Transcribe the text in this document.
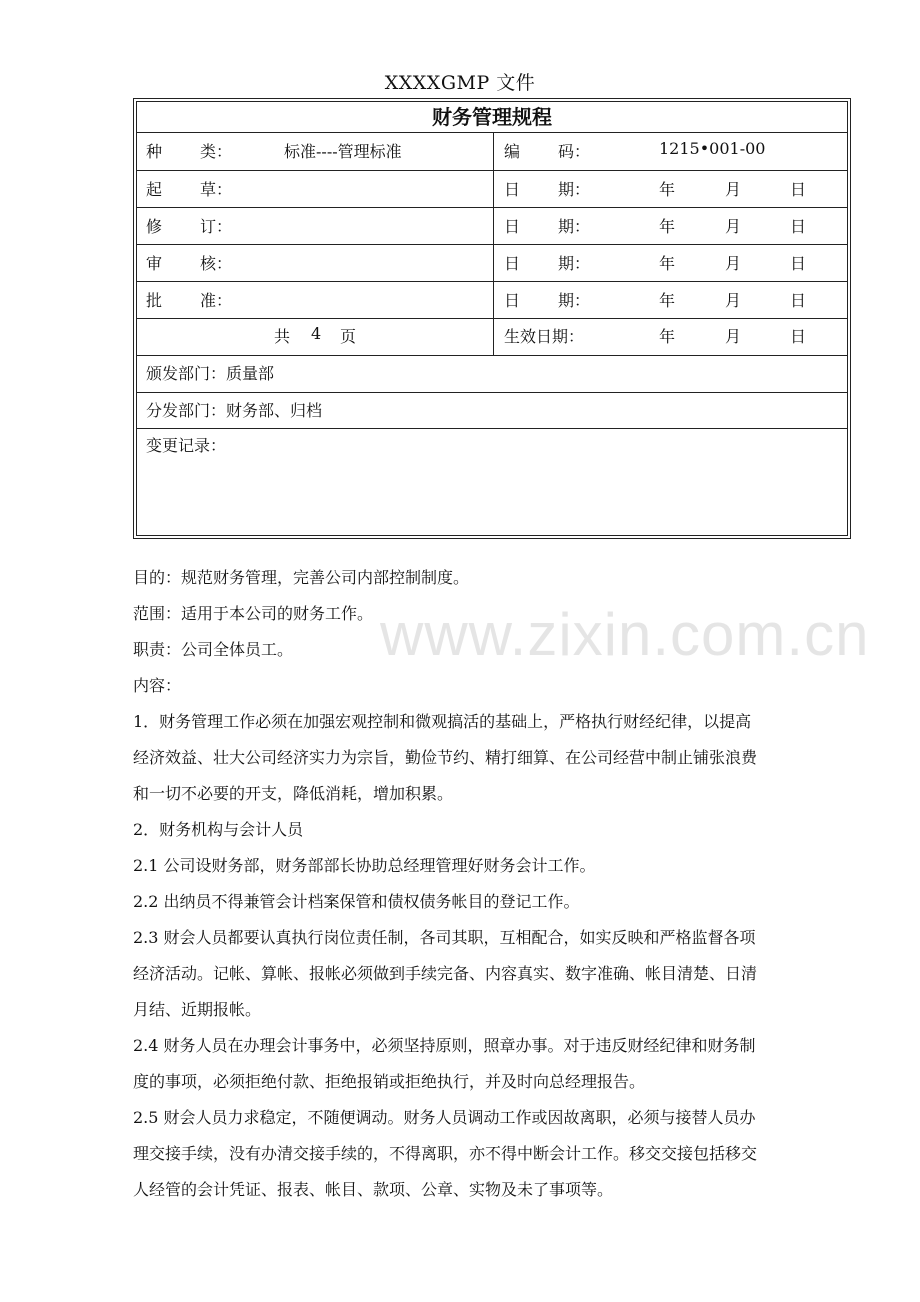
XXXXGMP 文件
财务管理规程
种 类：	标准----管理标准	编 码：	1215•001-00
起 草：	日 期：	年	月	日
修 订：	日 期：	年	月	日
审 核：	日 期：	年	月	日
批 准：	日 期：	年	月	日
共 4 页	生效日期：	年	月	日
颁发部门：质量部
分发部门：财务部、归档
变更记录：
www.zixin.com.cn

目的：规范财务管理，完善公司内部控制制度。

范围：适用于本公司的财务工作。

职责：公司全体员工。

内容：

1．财务管理工作必须在加强宏观控制和微观搞活的基础上，严格执行财经纪律，以提高

经济效益、壮大公司经济实力为宗旨，勤俭节约、精打细算、在公司经营中制止铺张浪费

和一切不必要的开支，降低消耗，增加积累。

2．财务机构与会计人员

2.1 公司设财务部，财务部部长协助总经理管理好财务会计工作。

2.2 出纳员不得兼管会计档案保管和债权债务帐目的登记工作。

2.3 财会人员都要认真执行岗位责任制，各司其职，互相配合，如实反映和严格监督各项

经济活动。记帐、算帐、报帐必须做到手续完备、内容真实、数字准确、帐目清楚、日清

月结、近期报帐。

2.4 财务人员在办理会计事务中，必须坚持原则，照章办事。对于违反财经纪律和财务制

度的事项，必须拒绝付款、拒绝报销或拒绝执行，并及时向总经理报告。

2.5 财会人员力求稳定，不随便调动。财务人员调动工作或因故离职，必须与接替人员办

理交接手续，没有办清交接手续的，不得离职，亦不得中断会计工作。移交交接包括移交

人经管的会计凭证、报表、帐目、款项、公章、实物及未了事项等。
